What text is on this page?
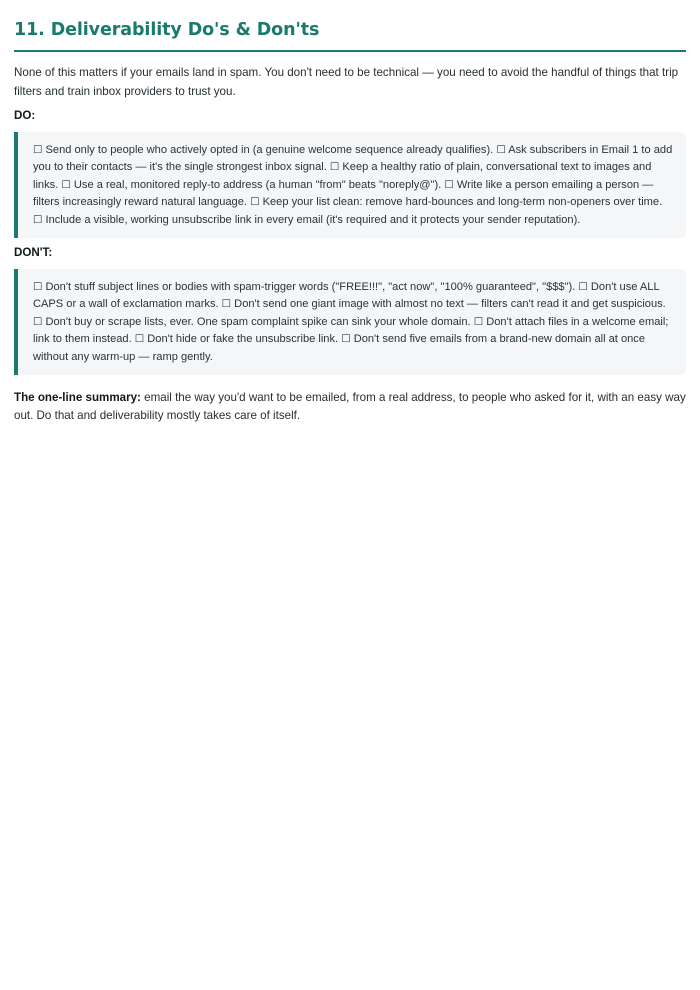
11. Deliverability Do's & Don'ts

None of this matters if your emails land in spam. You don't need to be technical — you need to avoid the handful of things that trip filters and train inbox providers to trust you.

DO:

☐ Send only to people who actively opted in (a genuine welcome sequence already qualifies). ☐ Ask subscribers in Email 1 to add you to their contacts — it's the single strongest inbox signal. ☐ Keep a healthy ratio of plain, conversational text to images and links. ☐ Use a real, monitored reply-to address (a human "from" beats "noreply@"). ☐ Write like a person emailing a person — filters increasingly reward natural language. ☐ Keep your list clean: remove hard-bounces and long-term non-openers over time. ☐ Include a visible, working unsubscribe link in every email (it's required and it protects your sender reputation).

DON'T:

☐ Don't stuff subject lines or bodies with spam-trigger words ("FREE!!!", "act now", "100% guaranteed", "$$$"). ☐ Don't use ALL CAPS or a wall of exclamation marks. ☐ Don't send one giant image with almost no text — filters can't read it and get suspicious. ☐ Don't buy or scrape lists, ever. One spam complaint spike can sink your whole domain. ☐ Don't attach files in a welcome email; link to them instead. ☐ Don't hide or fake the unsubscribe link. ☐ Don't send five emails from a brand-new domain all at once without any warm-up — ramp gently.

The one-line summary: email the way you'd want to be emailed, from a real address, to people who asked for it, with an easy way out. Do that and deliverability mostly takes care of itself.
